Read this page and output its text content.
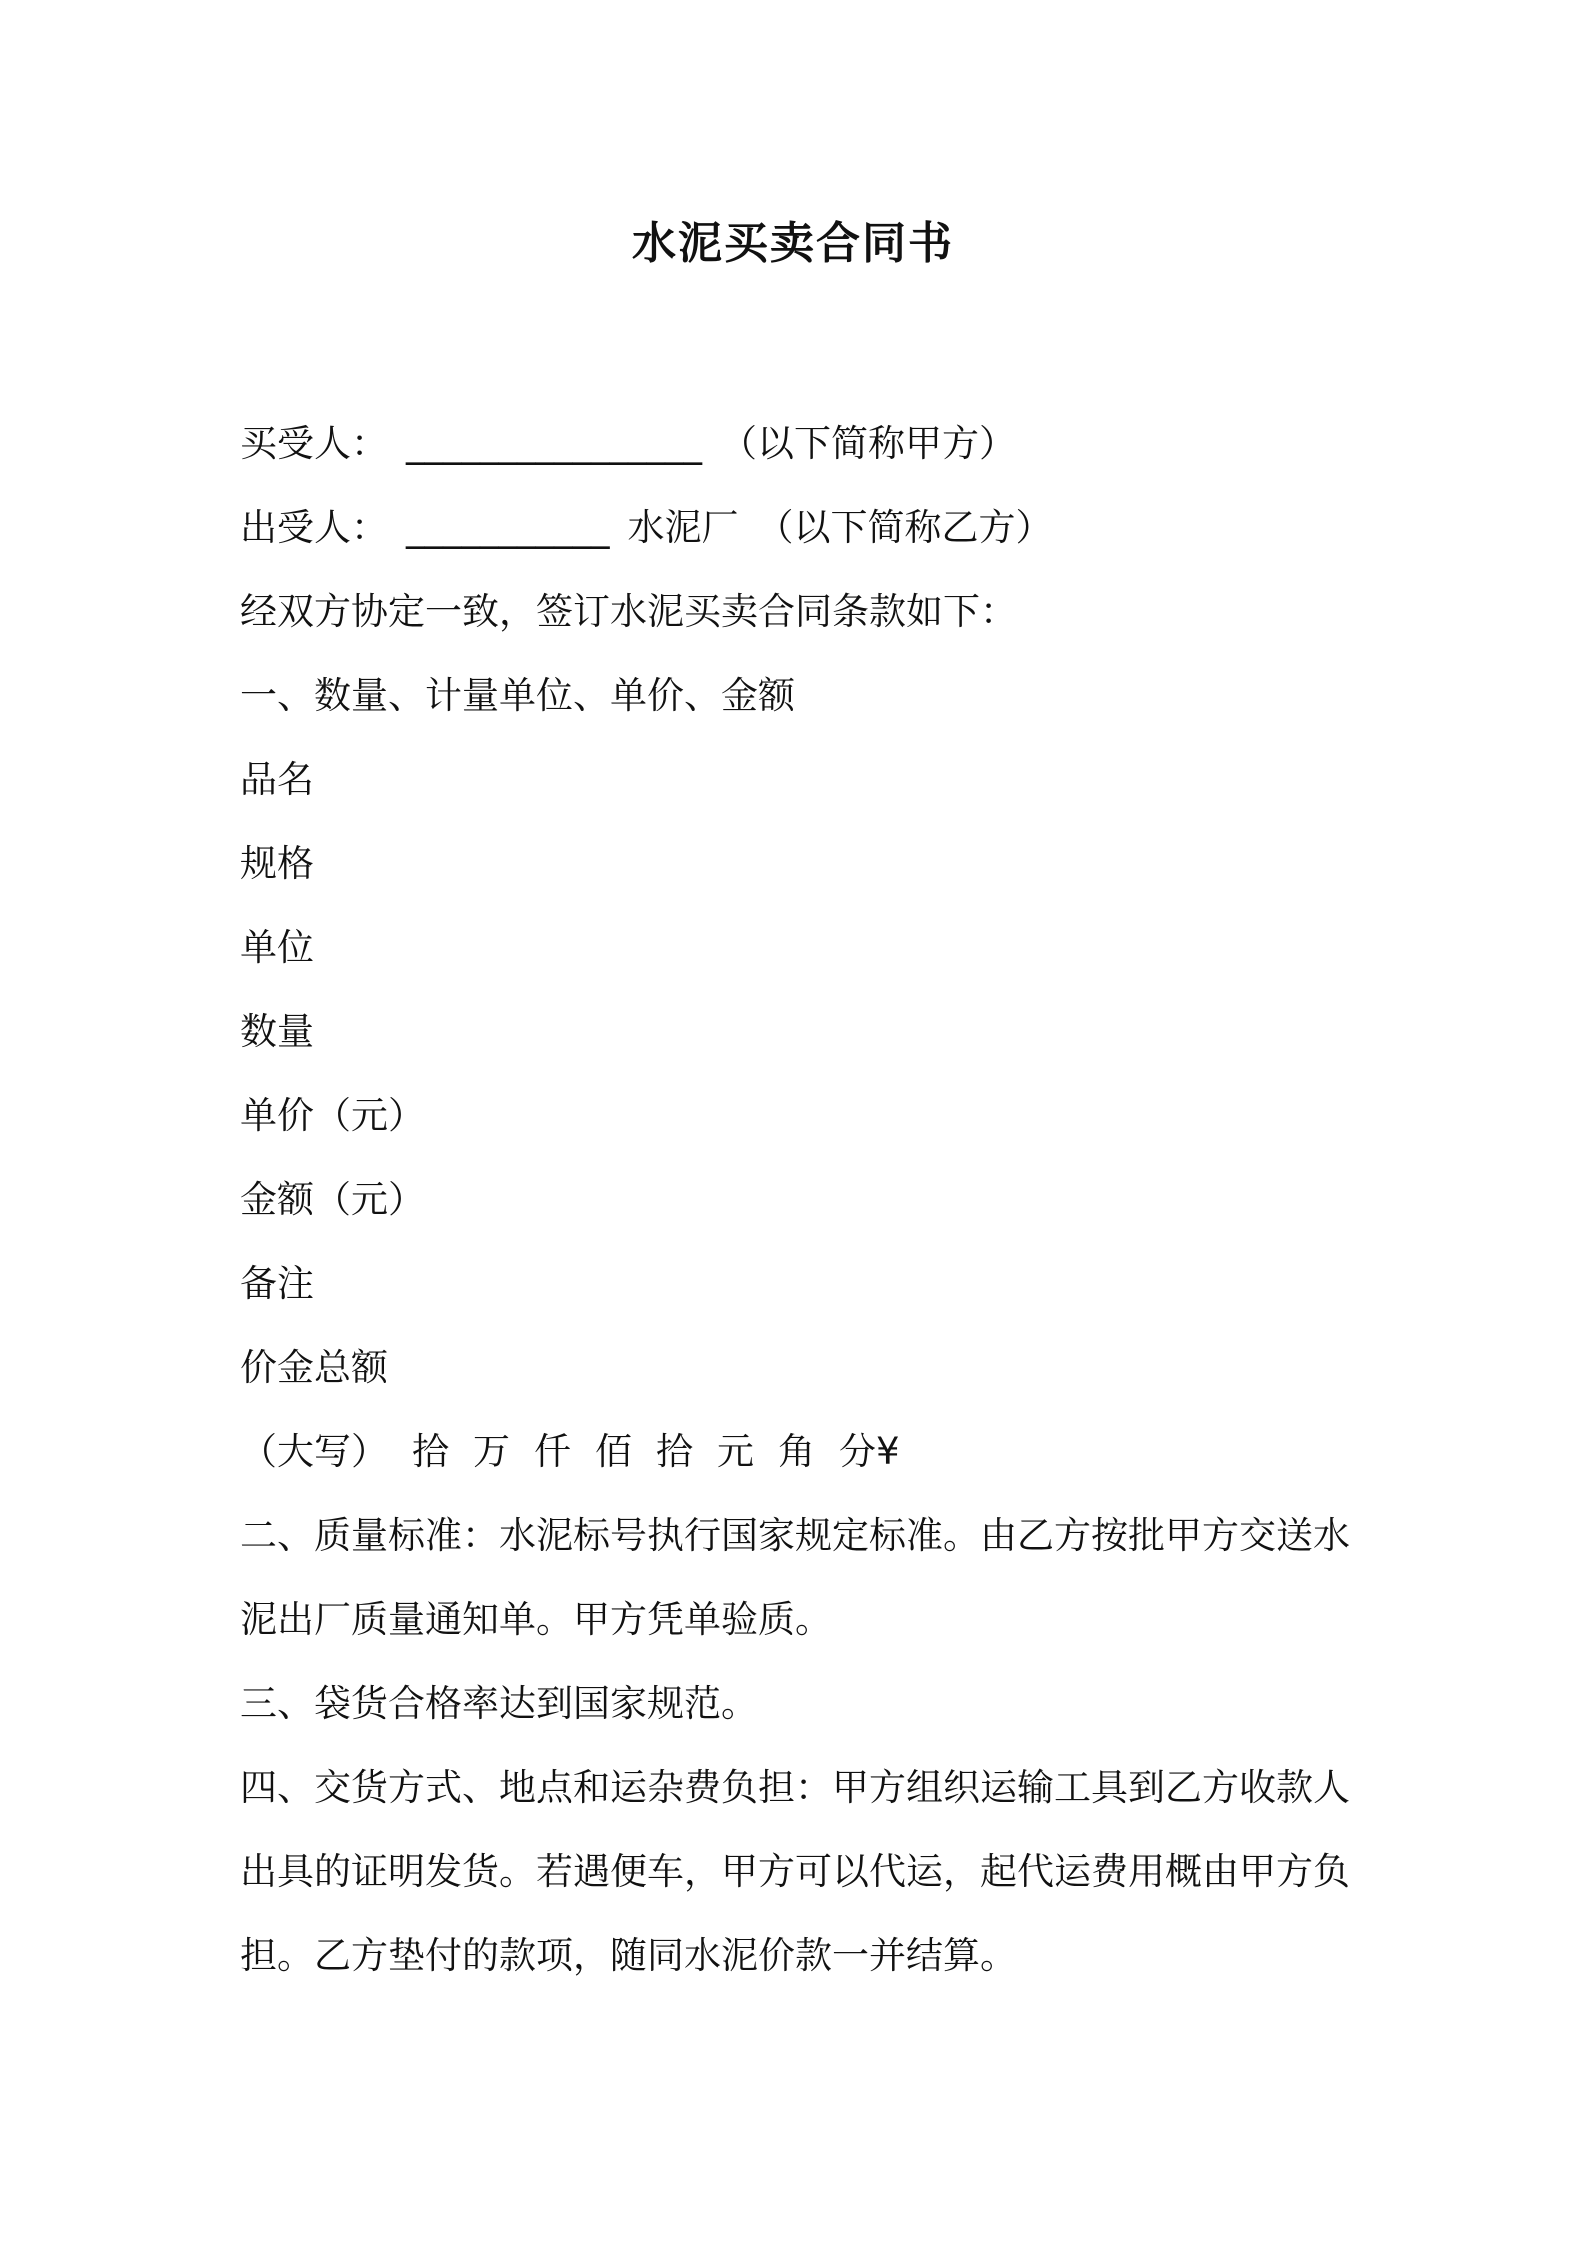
水泥买卖合同书
买受人： ________________ （以下简称甲方）
出受人： ___________ 水泥厂 （以下简称乙方）
经双方协定一致，签订水泥买卖合同条款如下：
一、数量、计量单位、单价、金额
品名
规格
单位
数量
单价（元）
金额（元）
备注
价金总额
（大写） 拾 万 仟 佰 拾 元 角 分¥
二、质量标准：水泥标号执行国家规定标准。由乙方按批甲方交送水泥出厂质量通知单。甲方凭单验质。
三、袋货合格率达到国家规范。
四、交货方式、地点和运杂费负担：甲方组织运输工具到乙方收款人出具的证明发货。若遇便车，甲方可以代运，起代运费用概由甲方负担。乙方垫付的款项，随同水泥价款一并结算。
